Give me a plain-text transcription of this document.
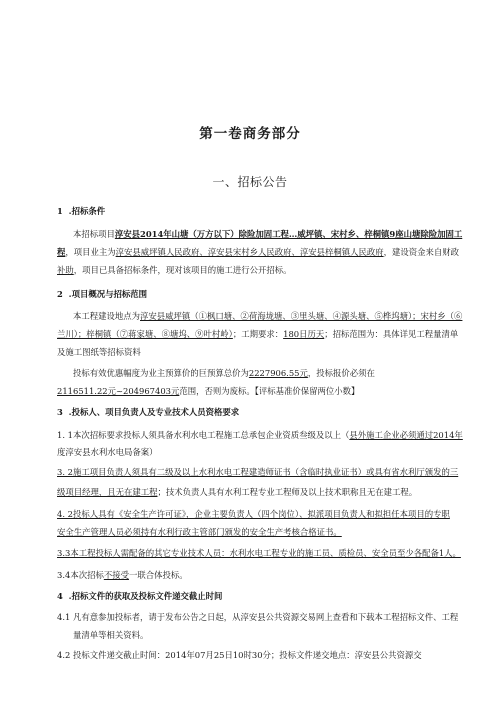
第一卷商务部分
一、招标公告
1 .招标条件
本招标项目淳安县2014年山塘（万方以下）除险加固工程…威坪镇、宋村乡、梓桐镇9座山塘除险加固工
程，项目业主为淳安县威坪镇人民政府、淳安县宋村乡人民政府、淳安县梓桐镇人民政府，建设资金来自财政
补助，项目已具备招标条件，现对该项目的施工进行公开招标。
2 .项目概况与招标范围
本工程建设地点为淳安县威坪镇（①枫口塘、②荷海垅塘、③里头塘、④源头塘、⑤桦坞塘）；宋村乡（⑥
兰川）；梓桐镇（⑦蒋家塘、⑧塘坞、⑨叶村岭）；工期要求：180日历天；招标范围为：具体详见工程量清单
及施工图纸等招标资料
投标有效优惠幅度为业主预算价的巨预算总价为2227906.55元，投标报价必须在
2116511.22元~204967403元范围，否则为废标。【评标基准价保留两位小数】
3 .投标人、项目负责人及专业技术人员资格要求
1. 1本次招标要求投标人须具备水利水电工程施工总承包企业资质叁级及以上（县外施工企业必须通过2014年
度淳安县水利水电局备案）
3. 2施工项目负责人须具有二级及以上水利水电工程建造师证书（含临时执业证书）或具有省水利厅颁发的三
级项目经理，且无在建工程；技术负责人具有水利工程专业工程师及以上技术职称且无在建工程。
4. 2投标人具有《安全生产许可证》，企业主要负责人（四个岗位）、拟派项目负责人和拟担任本项目的专职
安全生产管理人员必须持有水利行政主管部门颁发的安全生产考核合格证书。
3.3本工程投标人需配备的其它专业技术人员：水利水电工程专业的施工员、质检员、安全员至少各配备1人。
3.4本次招标不接受一联合体投标。
4 .招标文件的获取及投标文件递交截止时间
4.1 凡有意参加投标者，请于发布公告之日起，从淳安县公共资源交易网上查看和下载本工程招标文件、工程
量清单等相关资料。
4.2 投标文件递交截止时间：2014年07月25日10时30分；投标文件递交地点：淳安县公共资源交
